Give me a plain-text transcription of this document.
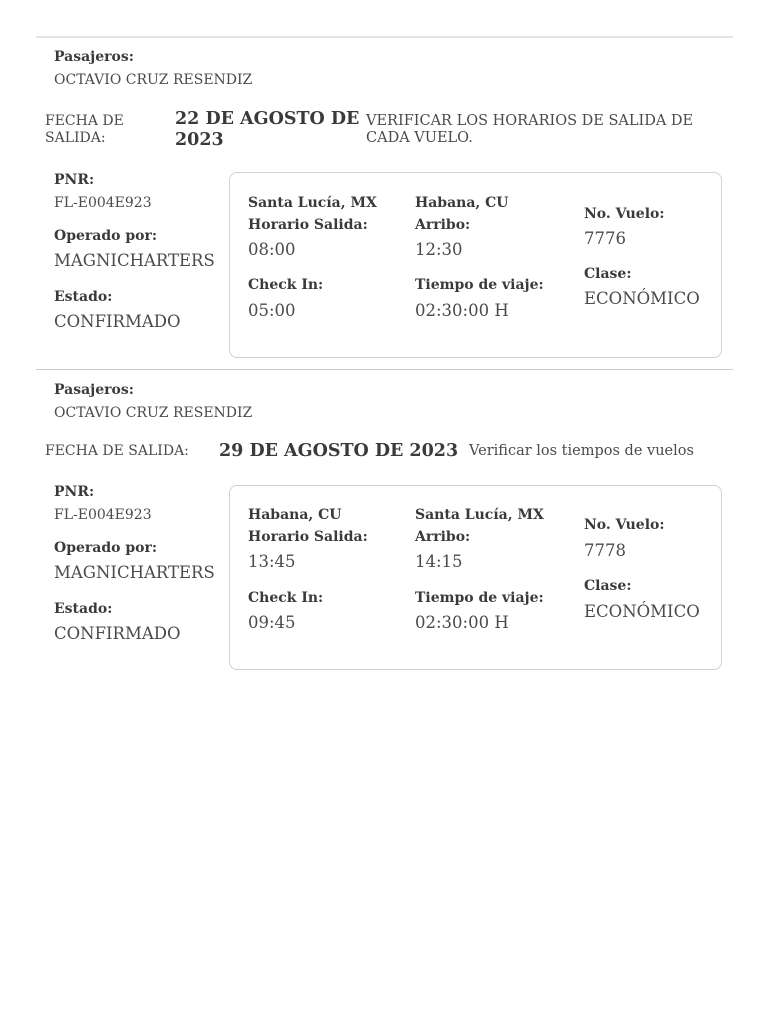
Pasajeros:
OCTAVIO CRUZ RESENDIZ
FECHA DE SALIDA:
22 DE AGOSTO DE 2023
VERIFICAR LOS HORARIOS DE SALIDA DE CADA VUELO.
PNR:
FL-E004E923
Operado por:
MAGNICHARTERS
Estado:
CONFIRMADO
Santa Lucía, MX
Horario Salida:
08:00
Check In:
05:00
Habana, CU
Arribo:
12:30
Tiempo de viaje:
02:30:00 H
No. Vuelo:
7776
Clase:
ECONÓMICO
Pasajeros:
OCTAVIO CRUZ RESENDIZ
FECHA DE SALIDA: 29 DE AGOSTO DE 2023 Verificar los tiempos de vuelos
PNR:
FL-E004E923
Operado por:
MAGNICHARTERS
Estado:
CONFIRMADO
Habana, CU
Horario Salida:
13:45
Check In:
09:45
Santa Lucía, MX
Arribo:
14:15
Tiempo de viaje:
02:30:00 H
No. Vuelo:
7778
Clase:
ECONÓMICO
